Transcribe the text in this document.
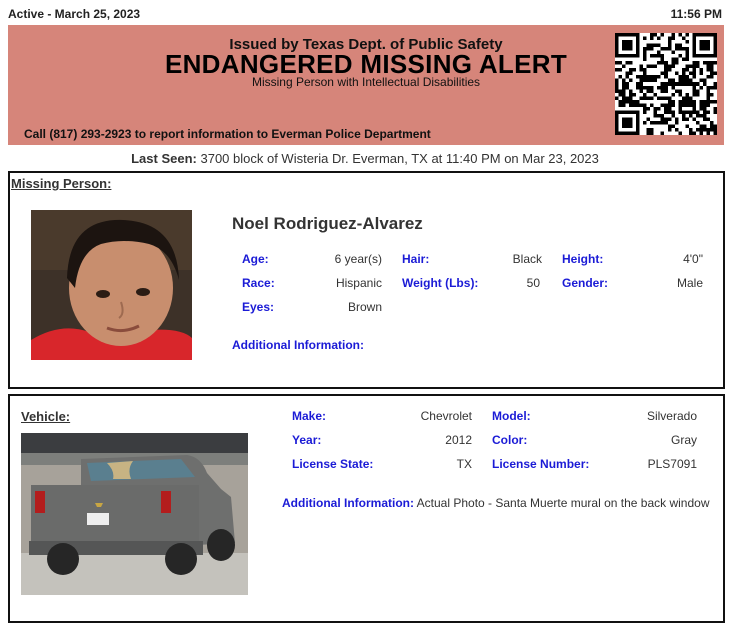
Active - March 25, 2023	11:56 PM
Issued by Texas Dept. of Public Safety
ENDANGERED MISSING ALERT
Missing Person with Intellectual Disabilities
Call (817) 293-2923 to report information to Everman Police Department
Last Seen: 3700 block of Wisteria Dr. Everman, TX at 11:40 PM on Mar 23, 2023
Missing Person:
Noel Rodriguez-Alvarez
Age:	6 year(s) Hair:	Black Height:	4'0"
Race:	Hispanic Weight (Lbs):	50 Gender:	Male
Eyes:	Brown
Additional Information:
Vehicle:	Make:	Chevrolet Model:	Silverado
Year:	2012 Color:	Gray
License State:	TX License Number:	PLS7091
Additional Information: Actual Photo - Santa Muerte mural on the back window
